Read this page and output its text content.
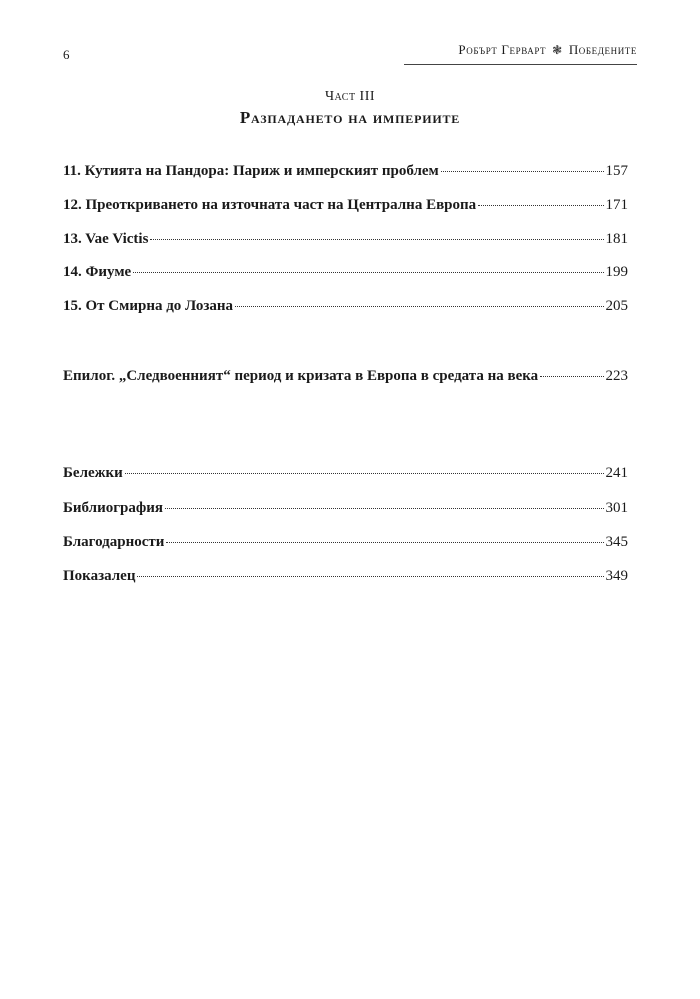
6	Робърт Герварт ❃ Победените
Част III
Разпадането на империите
11. Кутията на Пандора: Париж и имперският проблем	157
12. Преоткриването на източната част на Централна Европа	171
13. Vae Victis	181
14. Фиуме	199
15. От Смирна до Лозана	205
Епилог. „Следвоенният“ период и кризата в Европа в средата на века	223
Бележки	241
Библиография	301
Благодарности	345
Показалец	349
